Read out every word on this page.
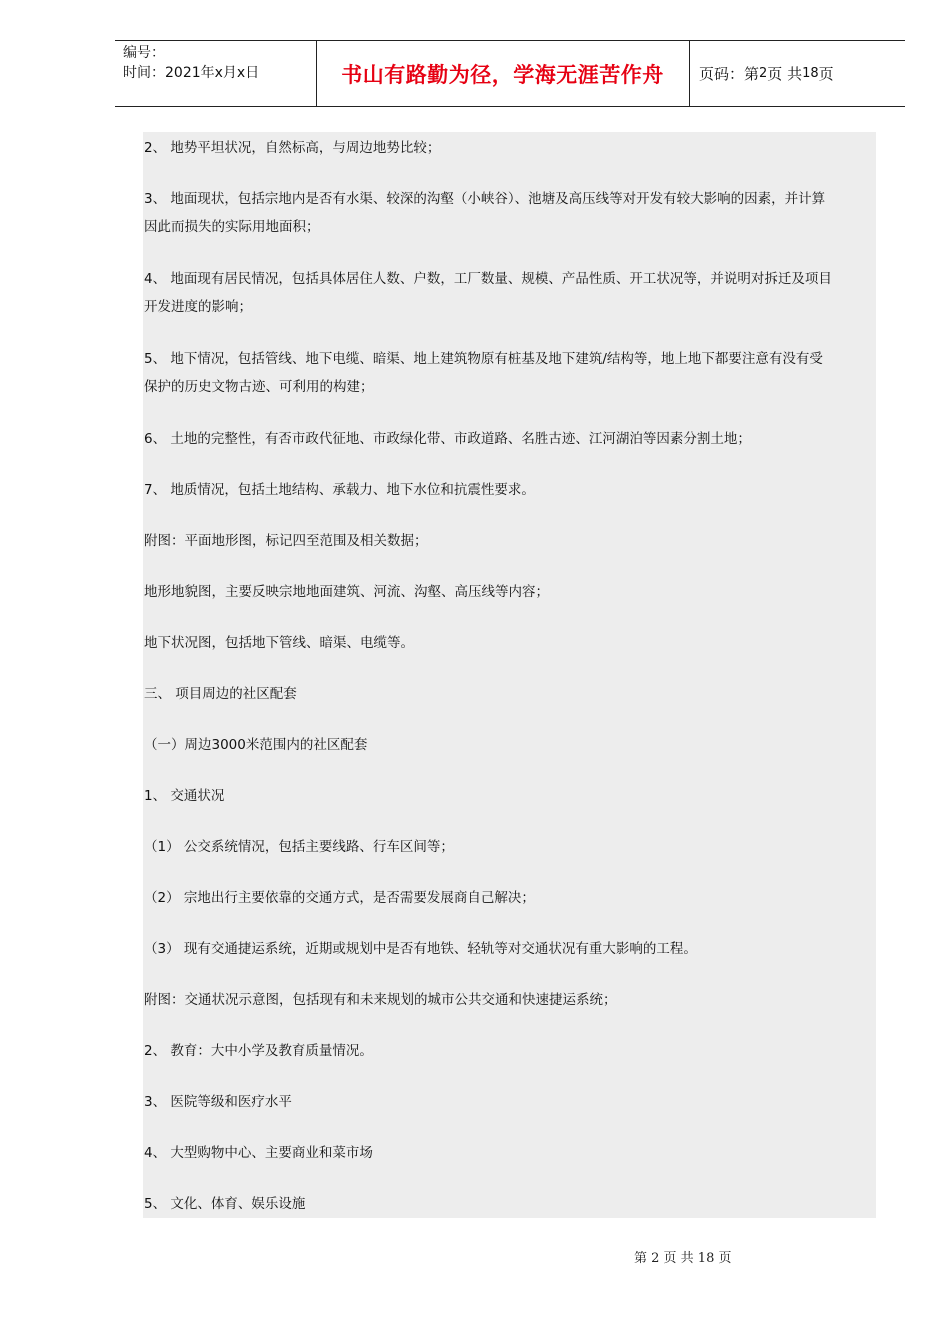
编号：
时间：2021年x月x日	书山有路勤为径，学海无涯苦作舟	页码：第 2 页 共 18 页
2、 地势平坦状况，自然标高，与周边地势比较；
3、 地面现状，包括宗地内是否有水渠、较深的沟壑（小峡谷）、池塘及高压线等对开发有较大影响的因素，并计算
因此而损失的实际用地面积；
4、 地面现有居民情况，包括具体居住人数、户数，工厂数量、规模、产品性质、开工状况等，并说明对拆迁及项目
开发进度的影响；
5、 地下情况，包括管线、地下电缆、暗渠、地上建筑物原有桩基及地下建筑/结构等，地上地下都要注意有没有受
保护的历史文物古迹、可利用的构建；
6、 土地的完整性，有否市政代征地、市政绿化带、市政道路、名胜古迹、江河湖泊等因素分割土地；
7、 地质情况，包括土地结构、承载力、地下水位和抗震性要求。
附图：平面地形图，标记四至范围及相关数据；
地形地貌图，主要反映宗地地面建筑、河流、沟壑、高压线等内容；
地下状况图，包括地下管线、暗渠、电缆等。
三、 项目周边的社区配套
（一）周边3000米范围内的社区配套
1、 交通状况
（1） 公交系统情况，包括主要线路、行车区间等；
（2） 宗地出行主要依靠的交通方式，是否需要发展商自己解决；
（3） 现有交通捷运系统，近期或规划中是否有地铁、轻轨等对交通状况有重大影响的工程。
附图：交通状况示意图，包括现有和未来规划的城市公共交通和快速捷运系统；
2、 教育：大中小学及教育质量情况。
3、 医院等级和医疗水平
4、 大型购物中心、主要商业和菜市场
5、 文化、体育、娱乐设施
第 2 页 共 18 页
